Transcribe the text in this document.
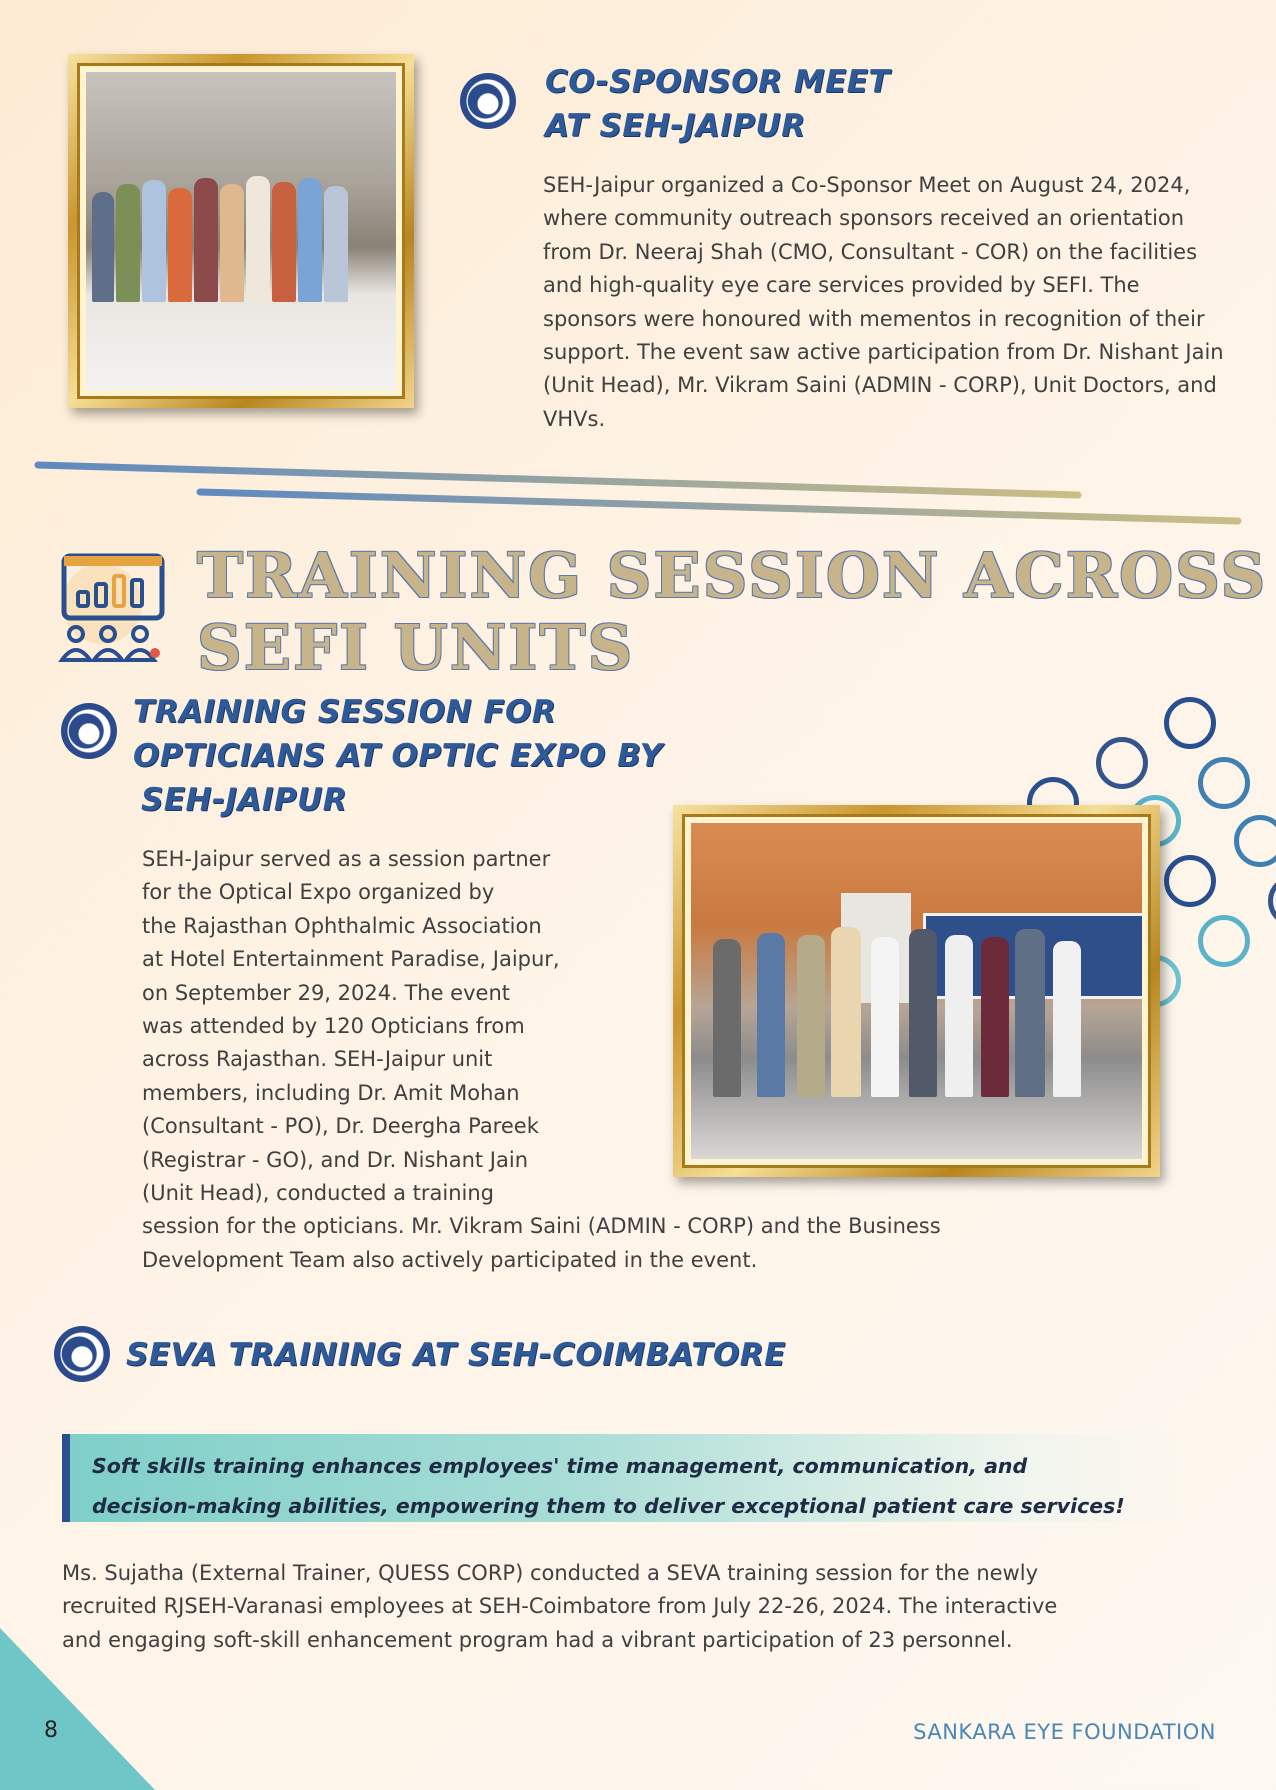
CO-SPONSOR MEET
AT SEH-JAIPUR

SEH-Jaipur organized a Co-Sponsor Meet on August 24, 2024, where community outreach sponsors received an orientation from Dr. Neeraj Shah (CMO, Consultant - COR) on the facilities and high-quality eye care services provided by SEFI. The sponsors were honoured with mementos in recognition of their support. The event saw active participation from Dr. Nishant Jain (Unit Head), Mr. Vikram Saini (ADMIN - CORP), Unit Doctors, and VHVs.

TRAINING SESSION ACROSS
SEFI UNITS
TRAINING SESSION FOR
OPTICIANS AT OPTIC EXPO BY
SEH-JAIPUR
SEH-Jaipur served as a session partner
for the Optical Expo organized by
the Rajasthan Ophthalmic Association
at Hotel Entertainment Paradise, Jaipur,
on September 29, 2024. The event
was attended by 120 Opticians from
across Rajasthan. SEH-Jaipur unit
members, including Dr. Amit Mohan
(Consultant - PO), Dr. Deergha Pareek
(Registrar - GO), and Dr. Nishant Jain
(Unit Head), conducted a training
session for the opticians. Mr. Vikram Saini (ADMIN - CORP) and the Business
Development Team also actively participated in the event.
SEVA TRAINING AT SEH-COIMBATORE
Soft skills training enhances employees' time management, communication, and
decision-making abilities, empowering them to deliver exceptional patient care services!

Ms. Sujatha (External Trainer, QUESS CORP) conducted a SEVA training session for the newly recruited RJSEH-Varanasi employees at SEH-Coimbatore from July 22-26, 2024. The interactive and engaging soft-skill enhancement program had a vibrant participation of 23 personnel.

8	SANKARA EYE FOUNDATION
